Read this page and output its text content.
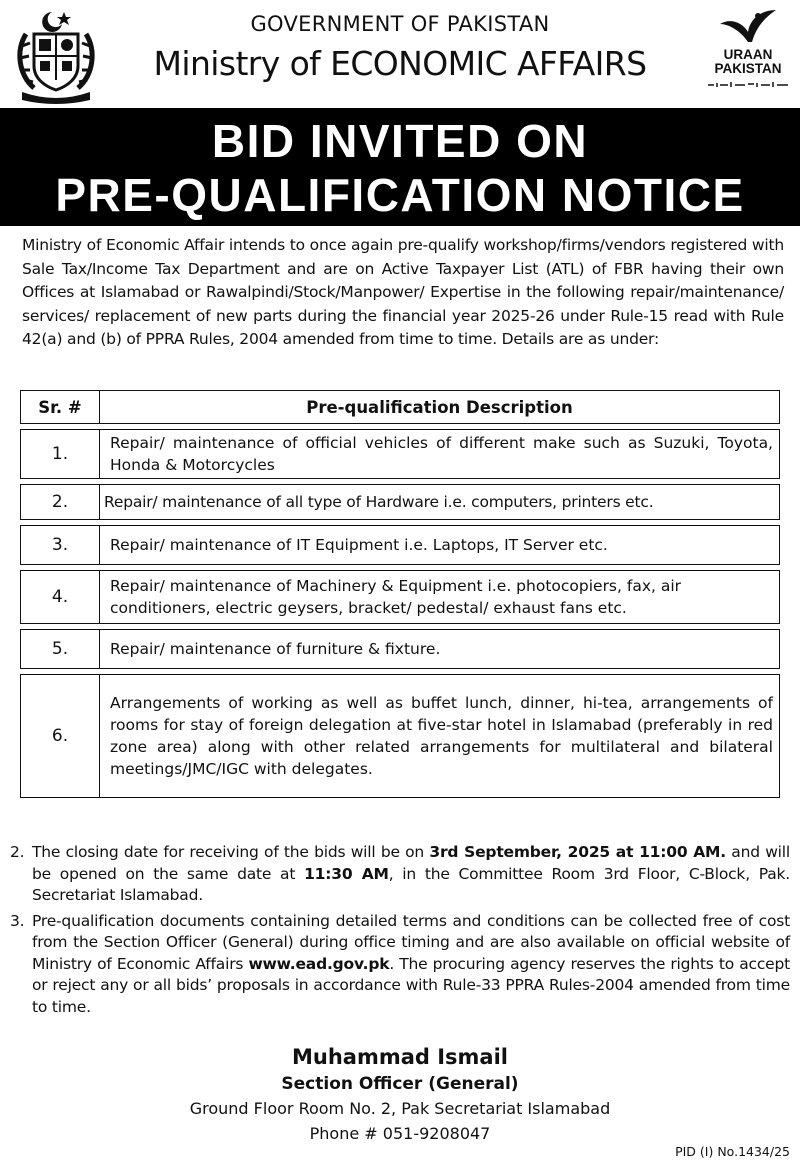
GOVERNMENT OF PAKISTAN
Ministry of ECONOMIC AFFAIRS	URAAN
PAKISTAN
BID INVITED ON
PRE-QUALIFICATION NOTICE
Ministry of Economic Affair intends to once again pre-qualify workshop/firms/vendors registered with Sale Tax/Income Tax Department and are on Active Taxpayer List (ATL) of FBR having their own Offices at Islamabad or Rawalpindi/Stock/Manpower/ Expertise in the following repair/maintenance/ services/ replacement of new parts during the financial year 2025-26 under Rule-15 read with Rule 42(a) and (b) of PPRA Rules, 2004 amended from time to time. Details are as under:
Sr. #	Pre-qualification Description
1.	Repair/ maintenance of official vehicles of different make such as Suzuki, Toyota, Honda & Motorcycles
2.	Repair/ maintenance of all type of Hardware i.e. computers, printers etc.
3.	Repair/ maintenance of IT Equipment i.e. Laptops, IT Server etc.
4.	Repair/ maintenance of Machinery & Equipment i.e. photocopiers, fax, air conditioners, electric geysers, bracket/ pedestal/ exhaust fans etc.
5.	Repair/ maintenance of furniture & fixture.
6.	Arrangements of working as well as buffet lunch, dinner, hi-tea, arrangements of rooms for stay of foreign delegation at five-star hotel in Islamabad (preferably in red zone area) along with other related arrangements for multilateral and bilateral meetings/JMC/IGC with delegates.
2. The closing date for receiving of the bids will be on 3rd September, 2025 at 11:00 AM. and will be opened on the same date at 11:30 AM, in the Committee Room 3rd Floor, C-Block, Pak. Secretariat Islamabad.
3. Pre-qualification documents containing detailed terms and conditions can be collected free of cost from the Section Officer (General) during office timing and are also available on official website of Ministry of Economic Affairs www.ead.gov.pk. The procuring agency reserves the rights to accept or reject any or all bids’ proposals in accordance with Rule-33 PPRA Rules-2004 amended from time to time.
Muhammad Ismail
Section Officer (General)
Ground Floor Room No. 2, Pak Secretariat Islamabad
Phone # 051-9208047
PID (I) No.1434/25
